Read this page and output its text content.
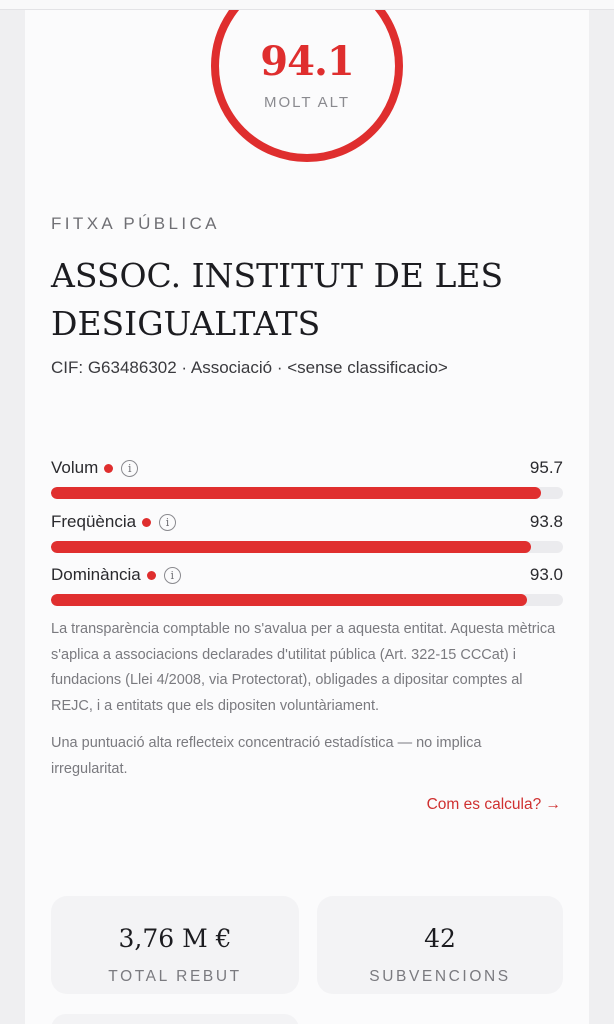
94.1
MOLT ALT
FITXA PÚBLICA
ASSOC. INSTITUT DE LES DESIGUALTATS
CIF: G63486302 · Associació · <sense classificacio>
Volum	i	95.7
Freqüència	i	93.8
Dominància	i	93.0

La transparència comptable no s'avalua per a aquesta entitat. Aquesta mètrica s'aplica a associacions declarades d'utilitat pública (Art. 322-15 CCCat) i fundacions (Llei 4/2008, via Protectorat), obligades a dipositar comptes al REJC, i a entitats que els dipositen voluntàriament.

Una puntuació alta reflecteix concentració estadística — no implica irregularitat.

Com es calcula? →
3,76 M €
TOTAL REBUT
42
SUBVENCIONS
